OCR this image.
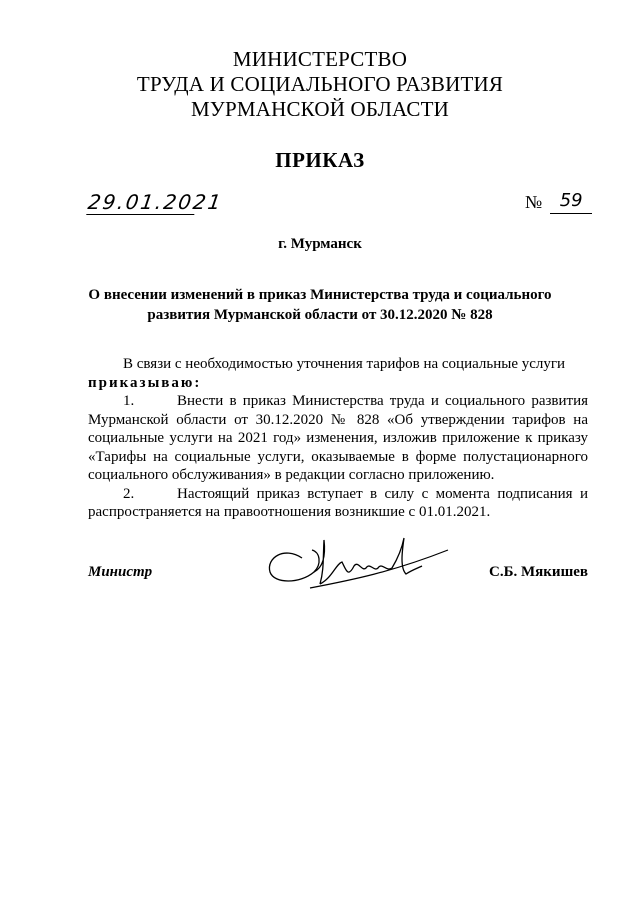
МИНИСТЕРСТВО
ТРУДА И СОЦИАЛЬНОГО РАЗВИТИЯ
МУРМАНСКОЙ ОБЛАСТИ
ПРИКАЗ
29.01.2021	№ 59
г. Мурманск
О внесении изменений в приказ Министерства труда и социального
развития Мурманской области от 30.12.2020 № 828

В связи с необходимостью уточнения тарифов на социальные услуги

приказываю:

1.	Внести в приказ Министерства труда и социального развития Мурманской области от 30.12.2020 № 828 «Об утверждении тарифов на социальные услуги на 2021 год» изменения, изложив приложение к приказу «Тарифы на социальные услуги, оказываемые в форме полустационарного социального обслуживания» в редакции согласно приложению.

2.	Настоящий приказ вступает в силу с момента подписания и распространяется на правоотношения возникшие с 01.01.2021.

Министр	С.Б. Мякишев
